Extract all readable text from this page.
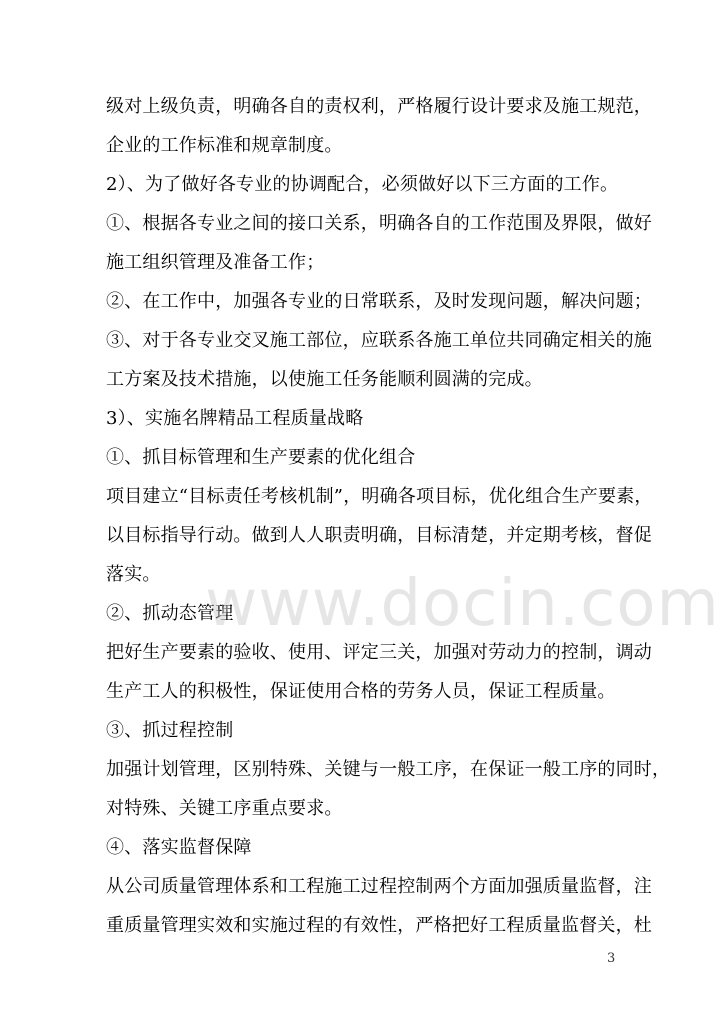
级对上级负责，明确各自的责权利，严格履行设计要求及施工规范，
企业的工作标准和规章制度。
2）、为了做好各专业的协调配合，必须做好以下三方面的工作。
①、根据各专业之间的接口关系，明确各自的工作范围及界限，做好
施工组织管理及准备工作；
②、在工作中，加强各专业的日常联系，及时发现问题，解决问题；
③、对于各专业交叉施工部位，应联系各施工单位共同确定相关的施
工方案及技术措施，以使施工任务能顺利圆满的完成。
3）、实施名牌精品工程质量战略
①、抓目标管理和生产要素的优化组合
项目建立“目标责任考核机制”，明确各项目标，优化组合生产要素，
以目标指导行动。做到人人职责明确，目标清楚，并定期考核，督促
落实。
②、抓动态管理
把好生产要素的验收、使用、评定三关，加强对劳动力的控制，调动
生产工人的积极性，保证使用合格的劳务人员，保证工程质量。
③、抓过程控制
加强计划管理，区别特殊、关键与一般工序，在保证一般工序的同时，
对特殊、关键工序重点要求。
④、落实监督保障
从公司质量管理体系和工程施工过程控制两个方面加强质量监督，注
重质量管理实效和实施过程的有效性，严格把好工程质量监督关，杜
www.docin.com
3
